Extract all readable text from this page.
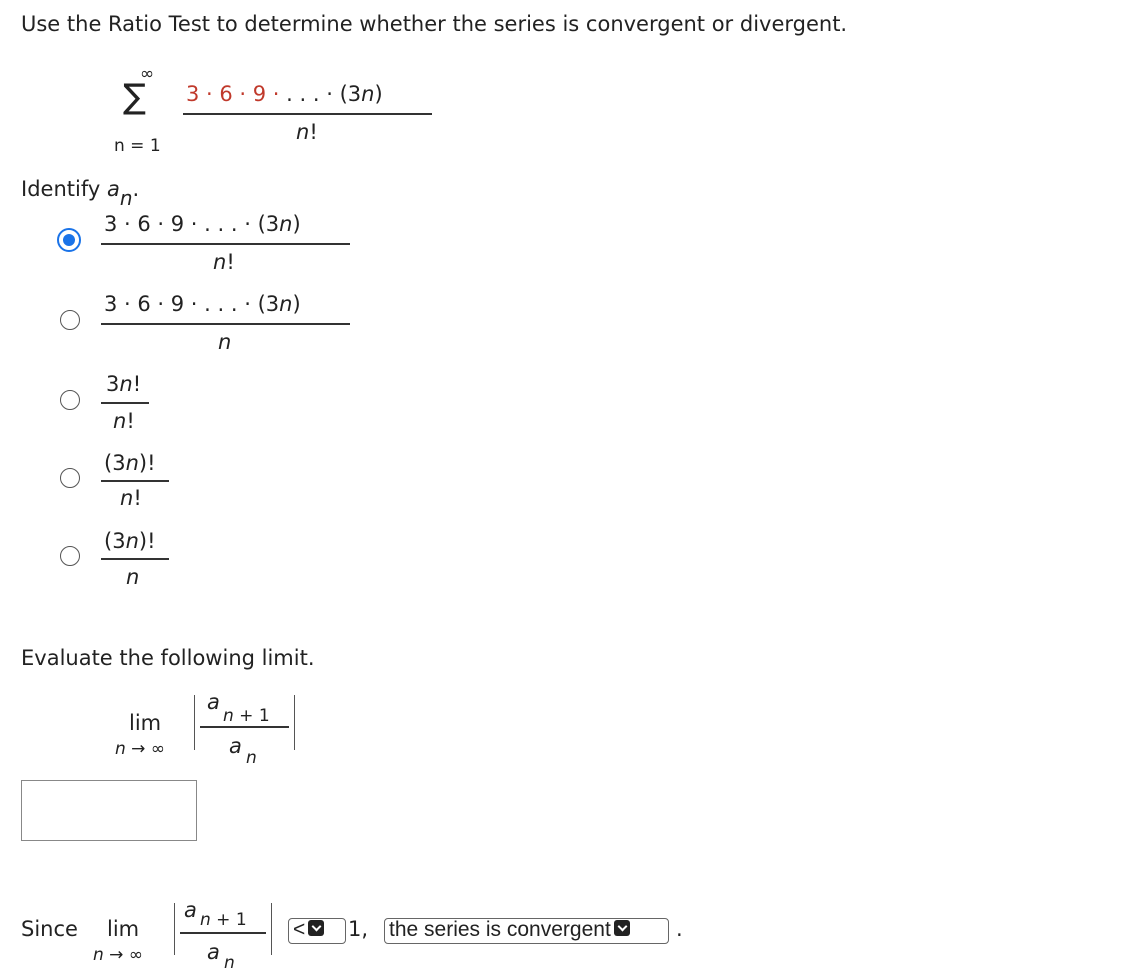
Use the Ratio Test to determine whether the series is convergent or divergent.
∞
∑
n = 1
3 · 6 · 9 · . . . · (3n)
n!
Identify $a_n$.
3 · 6 · 9 · . . . · (3n)
n!
3 · 6 · 9 · . . . · (3n)
n
3n!
n!
(3n)!
n!
(3n)!
n
Evaluate the following limit.
lim
n → ∞
a
n + 1
a n
Since lim
n → ∞
a n + 1
a n
<	1, the series is convergent	.
